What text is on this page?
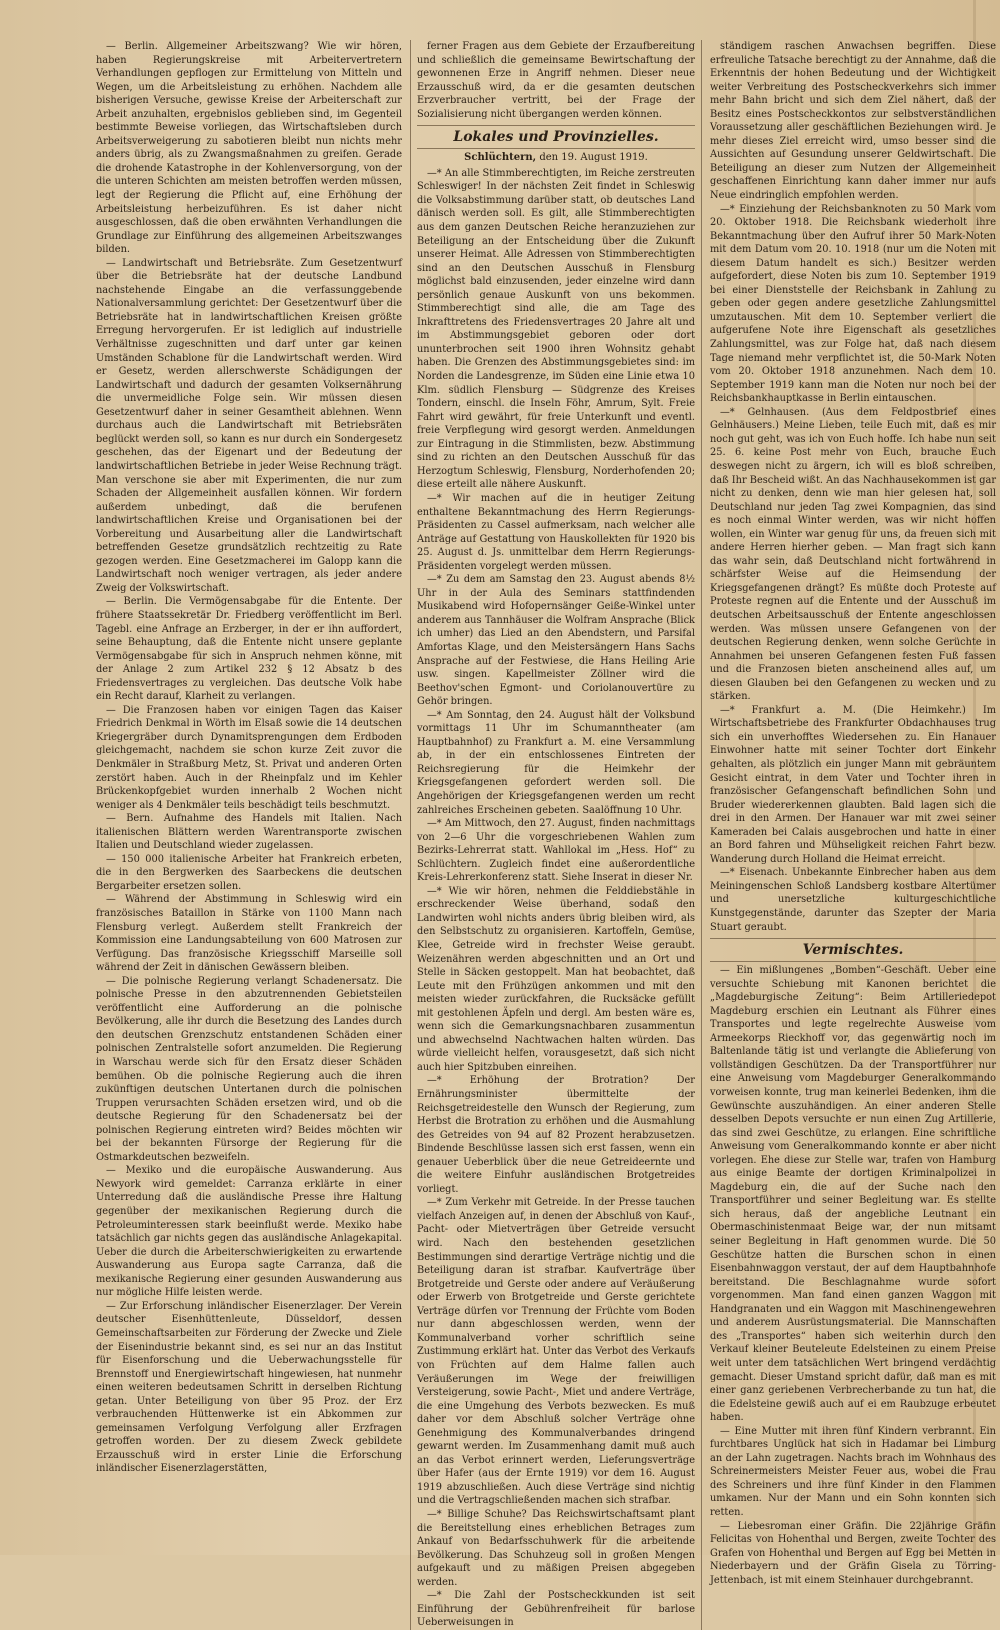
— Berlin. Allgemeiner Arbeitszwang? Wie wir hören, haben Regierungskreise mit Arbeitervertretern Verhandlungen gepflogen zur Ermittelung von Mitteln und Wegen, um die Arbeitsleistung zu erhöhen. Nachdem alle bisherigen Versuche, gewisse Kreise der Arbeiterschaft zur Arbeit anzuhalten, ergebnislos geblieben sind, im Gegenteil bestimmte Beweise vorliegen, das Wirtschaftsleben durch Arbeitsverweigerung zu sabotieren bleibt nun nichts mehr anders übrig, als zu Zwangsmaßnahmen zu greifen. Gerade die drohende Katastrophe in der Kohlenversorgung, von der die unteren Schichten am meisten betroffen werden müssen, legt der Regierung die Pflicht auf, eine Erhöhung der Arbeitsleistung herbeizuführen. Es ist daher nicht ausgeschlossen, daß die oben erwähnten Verhandlungen die Grundlage zur Einführung des allgemeinen Arbeitszwanges bilden.

— Landwirtschaft und Betriebsräte. Zum Gesetzentwurf über die Betriebsräte hat der deutsche Landbund nachstehende Eingabe an die verfassunggebende Nationalversammlung gerichtet: Der Gesetzentwurf über die Betriebsräte hat in landwirtschaftlichen Kreisen größte Erregung hervorgerufen. Er ist lediglich auf industrielle Verhältnisse zugeschnitten und darf unter gar keinen Umständen Schablone für die Landwirtschaft werden. Wird er Gesetz, werden allerschwerste Schädigungen der Landwirtschaft und dadurch der gesamten Volksernährung die unvermeidliche Folge sein. Wir müssen diesen Gesetzentwurf daher in seiner Gesamtheit ablehnen. Wenn durchaus auch die Landwirtschaft mit Betriebsräten beglückt werden soll, so kann es nur durch ein Sondergesetz geschehen, das der Eigenart und der Bedeutung der landwirtschaftlichen Betriebe in jeder Weise Rechnung trägt. Man verschone sie aber mit Experimenten, die nur zum Schaden der Allgemeinheit ausfallen können. Wir fordern außerdem unbedingt, daß die berufenen landwirtschaftlichen Kreise und Organisationen bei der Vorbereitung und Ausarbeitung aller die Landwirtschaft betreffenden Gesetze grundsätzlich rechtzeitig zu Rate gezogen werden. Eine Gesetzmacherei im Galopp kann die Landwirtschaft noch weniger vertragen, als jeder andere Zweig der Volkswirtschaft.

— Berlin. Die Vermögensabgabe für die Entente. Der frühere Staatssekretär Dr. Friedberg veröffentlicht im Berl. Tagebl. eine Anfrage an Erzberger, in der er ihn auffordert, seine Behauptung, daß die Entente nicht unsere geplante Vermögensabgabe für sich in Anspruch nehmen könne, mit der Anlage 2 zum Artikel 232 § 12 Absatz b des Friedensvertrages zu vergleichen. Das deutsche Volk habe ein Recht darauf, Klarheit zu verlangen.

— Die Franzosen haben vor einigen Tagen das Kaiser Friedrich Denkmal in Wörth im Elsaß sowie die 14 deutschen Kriegergräber durch Dynamitsprengungen dem Erdboden gleichgemacht, nachdem sie schon kurze Zeit zuvor die Denkmäler in Straßburg Metz, St. Privat und anderen Orten zerstört haben. Auch in der Rheinpfalz und im Kehler Brückenkopfgebiet wurden innerhalb 2 Wochen nicht weniger als 4 Denkmäler teils beschädigt teils beschmutzt.

— Bern. Aufnahme des Handels mit Italien. Nach italienischen Blättern werden Warentransporte zwischen Italien und Deutschland wieder zugelassen.

— 150 000 italienische Arbeiter hat Frankreich erbeten, die in den Bergwerken des Saarbeckens die deutschen Bergarbeiter ersetzen sollen.

— Während der Abstimmung in Schleswig wird ein französisches Bataillon in Stärke von 1100 Mann nach Flensburg verlegt. Außerdem stellt Frankreich der Kommission eine Landungsabteilung von 600 Matrosen zur Verfügung. Das französische Kriegsschiff Marseille soll während der Zeit in dänischen Gewässern bleiben.

— Die polnische Regierung verlangt Schadenersatz. Die polnische Presse in den abzutrennenden Gebietsteilen veröffentlicht eine Aufforderung an die polnische Bevölkerung, alle ihr durch die Besetzung des Landes durch den deutschen Grenzschutz entstandenen Schäden einer polnischen Zentralstelle sofort anzumelden. Die Regierung in Warschau werde sich für den Ersatz dieser Schäden bemühen. Ob die polnische Regierung auch die ihren zukünftigen deutschen Untertanen durch die polnischen Truppen verursachten Schäden ersetzen wird, und ob die deutsche Regierung für den Schadenersatz bei der polnischen Regierung eintreten wird? Beides möchten wir bei der bekannten Fürsorge der Regierung für die Ostmarkdeutschen bezweifeln.

— Mexiko und die europäische Auswanderung. Aus Newyork wird gemeldet: Carranza erklärte in einer Unterredung daß die ausländische Presse ihre Haltung gegenüber der mexikanischen Regierung durch die Petroleuminteressen stark beeinflußt werde. Mexiko habe tatsächlich gar nichts gegen das ausländische Anlagekapital. Ueber die durch die Arbeiterschwierigkeiten zu erwartende Auswanderung aus Europa sagte Carranza, daß die mexikanische Regierung einer gesunden Auswanderung aus nur mögliche Hilfe leisten werde.

— Zur Erforschung inländischer Eisenerzlager. Der Verein deutscher Eisenhüttenleute, Düsseldorf, dessen Gemeinschaftsarbeiten zur Förderung der Zwecke und Ziele der Eisenindustrie bekannt sind, es sei nur an das Institut für Eisenforschung und die Ueberwachungsstelle für Brennstoff und Energiewirtschaft hingewiesen, hat nunmehr einen weiteren bedeutsamen Schritt in derselben Richtung getan. Unter Beteiligung von über 95 Proz. der Erz verbrauchenden Hüttenwerke ist ein Abkommen zur gemeinsamen Verfolgung Verfolgung aller Erzfragen getroffen worden. Der zu diesem Zweck gebildete Erzausschuß wird in erster Linie die Erforschung inländischer Eisenerzlagerstätten,

ferner Fragen aus dem Gebiete der Erzaufbereitung und schließlich die gemeinsame Bewirtschaftung der gewonnenen Erze in Angriff nehmen. Dieser neue Erzausschuß wird, da er die gesamten deutschen Erzverbraucher vertritt, bei der Frage der Sozialisierung nicht übergangen werden können.

Lokales und Provinzielles.
Schlüchtern, den 19. August 1919.

—* An alle Stimmberechtigten, im Reiche zerstreuten Schleswiger! In der nächsten Zeit findet in Schleswig die Volksabstimmung darüber statt, ob deutsches Land dänisch werden soll. Es gilt, alle Stimmberechtigten aus dem ganzen Deutschen Reiche heranzuziehen zur Beteiligung an der Entscheidung über die Zukunft unserer Heimat. Alle Adressen von Stimmberechtigten sind an den Deutschen Ausschuß in Flensburg möglichst bald einzusenden, jeder einzelne wird dann persönlich genaue Auskunft von uns bekommen. Stimmberechtigt sind alle, die am Tage des Inkrafttretens des Friedensvertrages 20 Jahre alt und im Abstimmungsgebiet geboren oder dort ununterbrochen seit 1900 ihren Wohnsitz gehabt haben. Die Grenzen des Abstimmungsgebietes sind: im Norden die Landesgrenze, im Süden eine Linie etwa 10 Klm. südlich Flensburg — Südgrenze des Kreises Tondern, einschl. die Inseln Föhr, Amrum, Sylt. Freie Fahrt wird gewährt, für freie Unterkunft und eventl. freie Verpflegung wird gesorgt werden. Anmeldungen zur Eintragung in die Stimmlisten, bezw. Abstimmung sind zu richten an den Deutschen Ausschuß für das Herzogtum Schleswig, Flensburg, Norderhofenden 20; diese erteilt alle nähere Auskunft.

—* Wir machen auf die in heutiger Zeitung enthaltene Bekanntmachung des Herrn Regierungs-Präsidenten zu Cassel aufmerksam, nach welcher alle Anträge auf Gestattung von Hauskollekten für 1920 bis 25. August d. Js. unmittelbar dem Herrn Regierungs-Präsidenten vorgelegt werden müssen.

—* Zu dem am Samstag den 23. August abends 8½ Uhr in der Aula des Seminars stattfindenden Musikabend wird Hofopernsänger Geiße-Winkel unter anderem aus Tannhäuser die Wolfram Ansprache (Blick ich umher) das Lied an den Abendstern, und Parsifal Amfortas Klage, und den Meistersängern Hans Sachs Ansprache auf der Festwiese, die Hans Heiling Arie usw. singen. Kapellmeister Zöllner wird die Beethov'schen Egmont- und Coriolanouvertüre zu Gehör bringen.

—* Am Sonntag, den 24. August hält der Volksbund vormittags 11 Uhr im Schumanntheater (am Hauptbahnhof) zu Frankfurt a. M. eine Versammlung ab, in der ein entschlossenes Eintreten der Reichsregierung für die Heimkehr der Kriegsgefangenen gefordert werden soll. Die Angehörigen der Kriegsgefangenen werden um recht zahlreiches Erscheinen gebeten. Saalöffnung 10 Uhr.

—* Am Mittwoch, den 27. August, finden nachmittags von 2—6 Uhr die vorgeschriebenen Wahlen zum Bezirks-Lehrerrat statt. Wahllokal im „Hess. Hof“ zu Schlüchtern. Zugleich findet eine außerordentliche Kreis-Lehrerkonferenz statt. Siehe Inserat in dieser Nr.

—* Wie wir hören, nehmen die Felddiebstähle in erschreckender Weise überhand, sodaß den Landwirten wohl nichts anders übrig bleiben wird, als den Selbstschutz zu organisieren. Kartoffeln, Gemüse, Klee, Getreide wird in frechster Weise geraubt. Weizenähren werden abgeschnitten und an Ort und Stelle in Säcken gestoppelt. Man hat beobachtet, daß Leute mit den Frühzügen ankommen und mit den meisten wieder zurückfahren, die Rucksäcke gefüllt mit gestohlenen Äpfeln und dergl. Am besten wäre es, wenn sich die Gemarkungsnachbaren zusammentun und abwechselnd Nachtwachen halten würden. Das würde vielleicht helfen, vorausgesetzt, daß sich nicht auch hier Spitzbuben einreihen.

—* Erhöhung der Brotration? Der Ernährungsminister übermittelte der Reichsgetreidestelle den Wunsch der Regierung, zum Herbst die Brotration zu erhöhen und die Ausmahlung des Getreides von 94 auf 82 Prozent herabzusetzen. Bindende Beschlüsse lassen sich erst fassen, wenn ein genauer Ueberblick über die neue Getreideernte und die weitere Einfuhr ausländischen Brotgetreides vorliegt.

—* Zum Verkehr mit Getreide. In der Presse tauchen vielfach Anzeigen auf, in denen der Abschluß von Kauf-, Pacht- oder Mietverträgen über Getreide versucht wird. Nach den bestehenden gesetzlichen Bestimmungen sind derartige Verträge nichtig und die Beteiligung daran ist strafbar. Kaufverträge über Brotgetreide und Gerste oder andere auf Veräußerung oder Erwerb von Brotgetreide und Gerste gerichtete Verträge dürfen vor Trennung der Früchte vom Boden nur dann abgeschlossen werden, wenn der Kommunalverband vorher schriftlich seine Zustimmung erklärt hat. Unter das Verbot des Verkaufs von Früchten auf dem Halme fallen auch Veräußerungen im Wege der freiwilligen Versteigerung, sowie Pacht-, Miet und andere Verträge, die eine Umgehung des Verbots bezwecken. Es muß daher vor dem Abschluß solcher Verträge ohne Genehmigung des Kommunalverbandes dringend gewarnt werden. Im Zusammenhang damit muß auch an das Verbot erinnert werden, Lieferungsverträge über Hafer (aus der Ernte 1919) vor dem 16. August 1919 abzuschließen. Auch diese Verträge sind nichtig und die Vertragschließenden machen sich strafbar.

—* Billige Schuhe? Das Reichswirtschaftsamt plant die Bereitstellung eines erheblichen Betrages zum Ankauf von Bedarfsschuhwerk für die arbeitende Bevölkerung. Das Schuhzeug soll in großen Mengen aufgekauft und zu mäßigen Preisen abgegeben werden.

—* Die Zahl der Postscheckkunden ist seit Einführung der Gebührenfreiheit für barlose Ueberweisungen in

ständigem raschen Anwachsen begriffen. Diese erfreuliche Tatsache berechtigt zu der Annahme, daß die Erkenntnis der hohen Bedeutung und der Wichtigkeit weiter Verbreitung des Postscheckverkehrs sich immer mehr Bahn bricht und sich dem Ziel nähert, daß der Besitz eines Postscheckkontos zur selbstverständlichen Voraussetzung aller geschäftlichen Beziehungen wird. Je mehr dieses Ziel erreicht wird, umso besser sind die Aussichten auf Gesundung unserer Geldwirtschaft. Die Beteiligung an dieser zum Nutzen der Allgemeinheit geschaffenen Einrichtung kann daher immer nur aufs Neue eindringlich empfohlen werden.

—* Einziehung der Reichsbanknoten zu 50 Mark vom 20. Oktober 1918. Die Reichsbank wiederholt ihre Bekanntmachung über den Aufruf ihrer 50 Mark-Noten mit dem Datum vom 20. 10. 1918 (nur um die Noten mit diesem Datum handelt es sich.) Besitzer werden aufgefordert, diese Noten bis zum 10. September 1919 bei einer Dienststelle der Reichsbank in Zahlung zu geben oder gegen andere gesetzliche Zahlungsmittel umzutauschen. Mit dem 10. September verliert die aufgerufene Note ihre Eigenschaft als gesetzliches Zahlungsmittel, was zur Folge hat, daß nach diesem Tage niemand mehr verpflichtet ist, die 50-Mark Noten vom 20. Oktober 1918 anzunehmen. Nach dem 10. September 1919 kann man die Noten nur noch bei der Reichsbankhauptkasse in Berlin eintauschen.

—* Gelnhausen. (Aus dem Feldpostbrief eines Gelnhäusers.) Meine Lieben, teile Euch mit, daß es mir noch gut geht, was ich von Euch hoffe. Ich habe nun seit 25. 6. keine Post mehr von Euch, brauche Euch deswegen nicht zu ärgern, ich will es bloß schreiben, daß Ihr Bescheid wißt. An das Nachhausekommen ist gar nicht zu denken, denn wie man hier gelesen hat, soll Deutschland nur jeden Tag zwei Kompagnien, das sind es noch einmal Winter werden, was wir nicht hoffen wollen, ein Winter war genug für uns, da freuen sich mit andere Herren hierher geben. — Man fragt sich kann das wahr sein, daß Deutschland nicht fortwährend in schärfster Weise auf die Heimsendung der Kriegsgefangenen drängt? Es müßte doch Proteste auf Proteste regnen auf die Entente und der Ausschuß im deutschen Arbeitsausschuß der Entente angeschlossen werden. Was müssen unsere Gefangenen von der deutschen Regierung denken, wenn solche Gerüchte in Annahmen bei unseren Gefangenen festen Fuß fassen und die Franzosen bieten anscheinend alles auf, um diesen Glauben bei den Gefangenen zu wecken und zu stärken.

—* Frankfurt a. M. (Die Heimkehr.) Im Wirtschaftsbetriebe des Frankfurter Obdachhauses trug sich ein unverhofftes Wiedersehen zu. Ein Hanauer Einwohner hatte mit seiner Tochter dort Einkehr gehalten, als plötzlich ein junger Mann mit gebräuntem Gesicht eintrat, in dem Vater und Tochter ihren in französischer Gefangenschaft befindlichen Sohn und Bruder wiedererkennen glaubten. Bald lagen sich die drei in den Armen. Der Hanauer war mit zwei seiner Kameraden bei Calais ausgebrochen und hatte in einer an Bord fahren und Mühseligkeit reichen Fahrt bezw. Wanderung durch Holland die Heimat erreicht.

—* Eisenach. Unbekannte Einbrecher haben aus dem Meiningenschen Schloß Landsberg kostbare Altertümer und unersetzliche kulturgeschichtliche Kunstgegenstände, darunter das Szepter der Maria Stuart geraubt.

Vermischtes.

— Ein mißlungenes „Bomben“-Geschäft. Ueber eine versuchte Schiebung mit Kanonen berichtet die „Magdeburgische Zeitung“: Beim Artilleriedepot Magdeburg erschien ein Leutnant als Führer eines Transportes und legte regelrechte Ausweise vom Armeekorps Rieckhoff vor, das gegenwärtig noch im Baltenlande tätig ist und verlangte die Ablieferung von vollständigen Geschützen. Da der Transportführer nur eine Anweisung vom Magdeburger Generalkommando vorweisen konnte, trug man keinerlei Bedenken, ihm die Gewünschte auszuhändigen. An einer anderen Stelle desselben Depots versuchte er nun einen Zug Artillerie, das sind zwei Geschütze, zu erlangen. Eine schriftliche Anweisung vom Generalkommando konnte er aber nicht vorlegen. Ehe diese zur Stelle war, trafen von Hamburg aus einige Beamte der dortigen Kriminalpolizei in Magdeburg ein, die auf der Suche nach den Transportführer und seiner Begleitung war. Es stellte sich heraus, daß der angebliche Leutnant ein Obermaschinistenmaat Beige war, der nun mitsamt seiner Begleitung in Haft genommen wurde. Die 50 Geschütze hatten die Burschen schon in einen Eisenbahnwaggon verstaut, der auf dem Hauptbahnhofe bereitstand. Die Beschlagnahme wurde sofort vorgenommen. Man fand einen ganzen Waggon mit Handgranaten und ein Waggon mit Maschinengewehren und anderem Ausrüstungsmaterial. Die Mannschaften des „Transportes“ haben sich weiterhin durch den Verkauf kleiner Beuteleute Edelsteinen zu einem Preise weit unter dem tatsächlichen Wert bringend verdächtig gemacht. Dieser Umstand spricht dafür, daß man es mit einer ganz geriebenen Verbrecherbande zu tun hat, die die Edelsteine gewiß auch auf ei em Raubzuge erbeutet haben.

— Eine Mutter mit ihren fünf Kindern verbrannt. Ein furchtbares Unglück hat sich in Hadamar bei Limburg an der Lahn zugetragen. Nachts brach im Wohnhaus des Schreinermeisters Meister Feuer aus, wobei die Frau des Schreiners und ihre fünf Kinder in den Flammen umkamen. Nur der Mann und ein Sohn konnten sich retten.

— Liebesroman einer Gräfin. Die 22jährige Gräfin Felicitas von Hohenthal und Bergen, zweite Tochter des Grafen von Hohenthal und Bergen auf Egg bei Metten in Niederbayern und der Gräfin Gisela zu Törring-Jettenbach, ist mit einem Steinhauer durchgebrannt.
